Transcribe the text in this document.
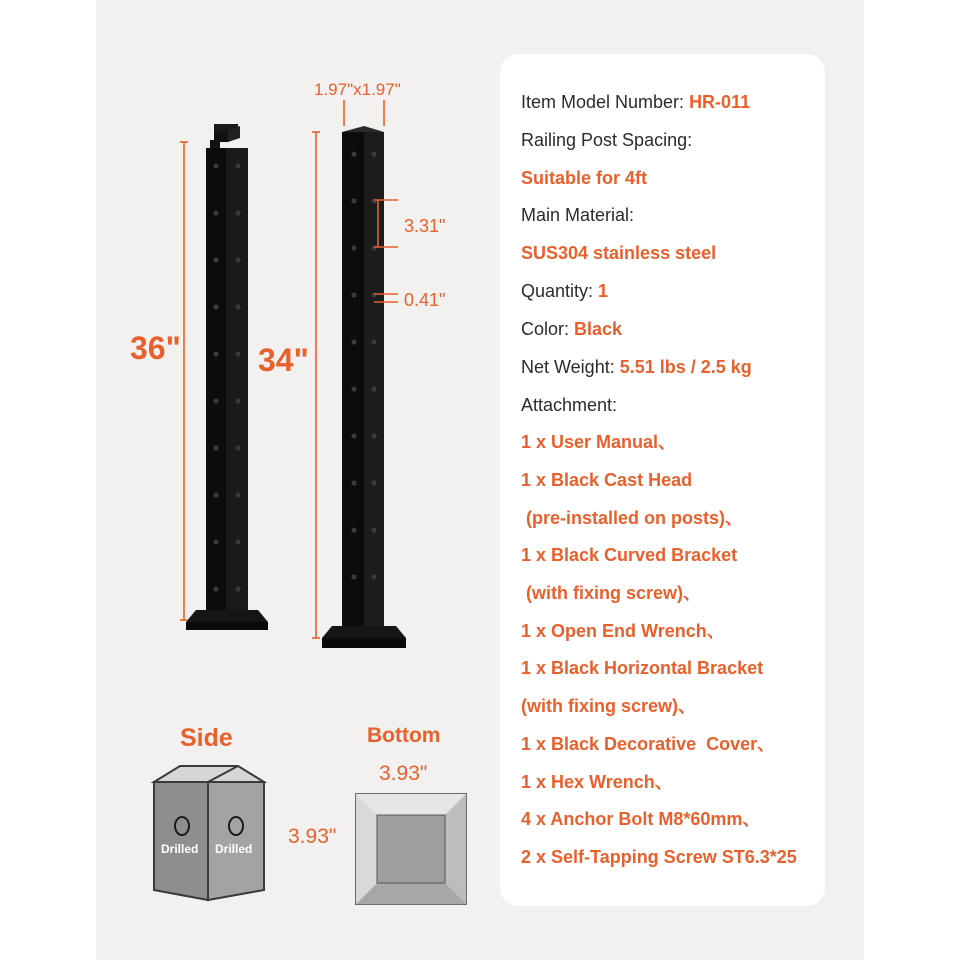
1.97"x1.97"
36" 34"
3.31"
0.41"
Side
Drilled Drilled
Bottom
3.93"
3.93"
Item Model Number: HR-011
Railing Post Spacing:
Suitable for 4ft
Main Material:
SUS304 stainless steel
Quantity: 1
Color: Black
Net Weight: 5.51 lbs / 2.5 kg
Attachment:
1 x User Manual、
1 x Black Cast Head
(pre-installed on posts)、
1 x Black Curved Bracket
(with fixing screw)、
1 x Open End Wrench、
1 x Black Horizontal Bracket
(with fixing screw)、
1 x Black Decorative  Cover、
1 x Hex Wrench、
4 x Anchor Bolt M8*60mm、
2 x Self-Tapping Screw ST6.3*25
